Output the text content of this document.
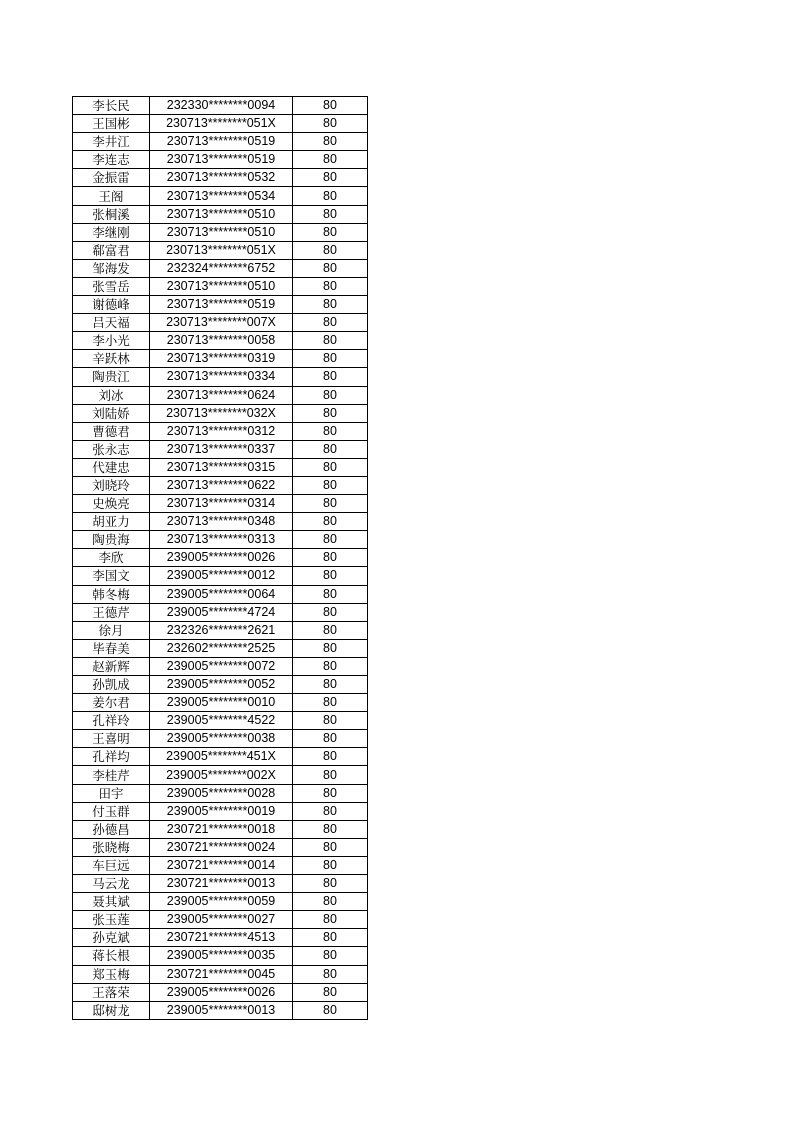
李长民	232330********0094	80
王国彬	230713********051X	80
李井江	230713********0519	80
李连志	230713********0519	80
金振雷	230713********0532	80
王阁	230713********0534	80
张桐溪	230713********0510	80
李继刚	230713********0510	80
郗富君	230713********051X	80
邹海发	232324********6752	80
张雪岳	230713********0510	80
谢德峰	230713********0519	80
吕天福	230713********007X	80
李小光	230713********0058	80
辛跃林	230713********0319	80
陶贵江	230713********0334	80
刘冰	230713********0624	80
刘陆娇	230713********032X	80
曹德君	230713********0312	80
张永志	230713********0337	80
代建忠	230713********0315	80
刘晓玲	230713********0622	80
史焕亮	230713********0314	80
胡亚力	230713********0348	80
陶贵海	230713********0313	80
李欣	239005********0026	80
李国文	239005********0012	80
韩冬梅	239005********0064	80
王德芹	239005********4724	80
徐月	232326********2621	80
毕春美	232602********2525	80
赵新辉	239005********0072	80
孙凯成	239005********0052	80
姜尔君	239005********0010	80
孔祥玲	239005********4522	80
王喜明	239005********0038	80
孔祥均	239005********451X	80
李桂芹	239005********002X	80
田宇	239005********0028	80
付玉群	239005********0019	80
孙德昌	230721********0018	80
张晓梅	230721********0024	80
车巨远	230721********0014	80
马云龙	230721********0013	80
聂其斌	239005********0059	80
张玉莲	239005********0027	80
孙克斌	230721********4513	80
蒋长根	239005********0035	80
郑玉梅	230721********0045	80
王落荣	239005********0026	80
邸树龙	239005********0013	80
